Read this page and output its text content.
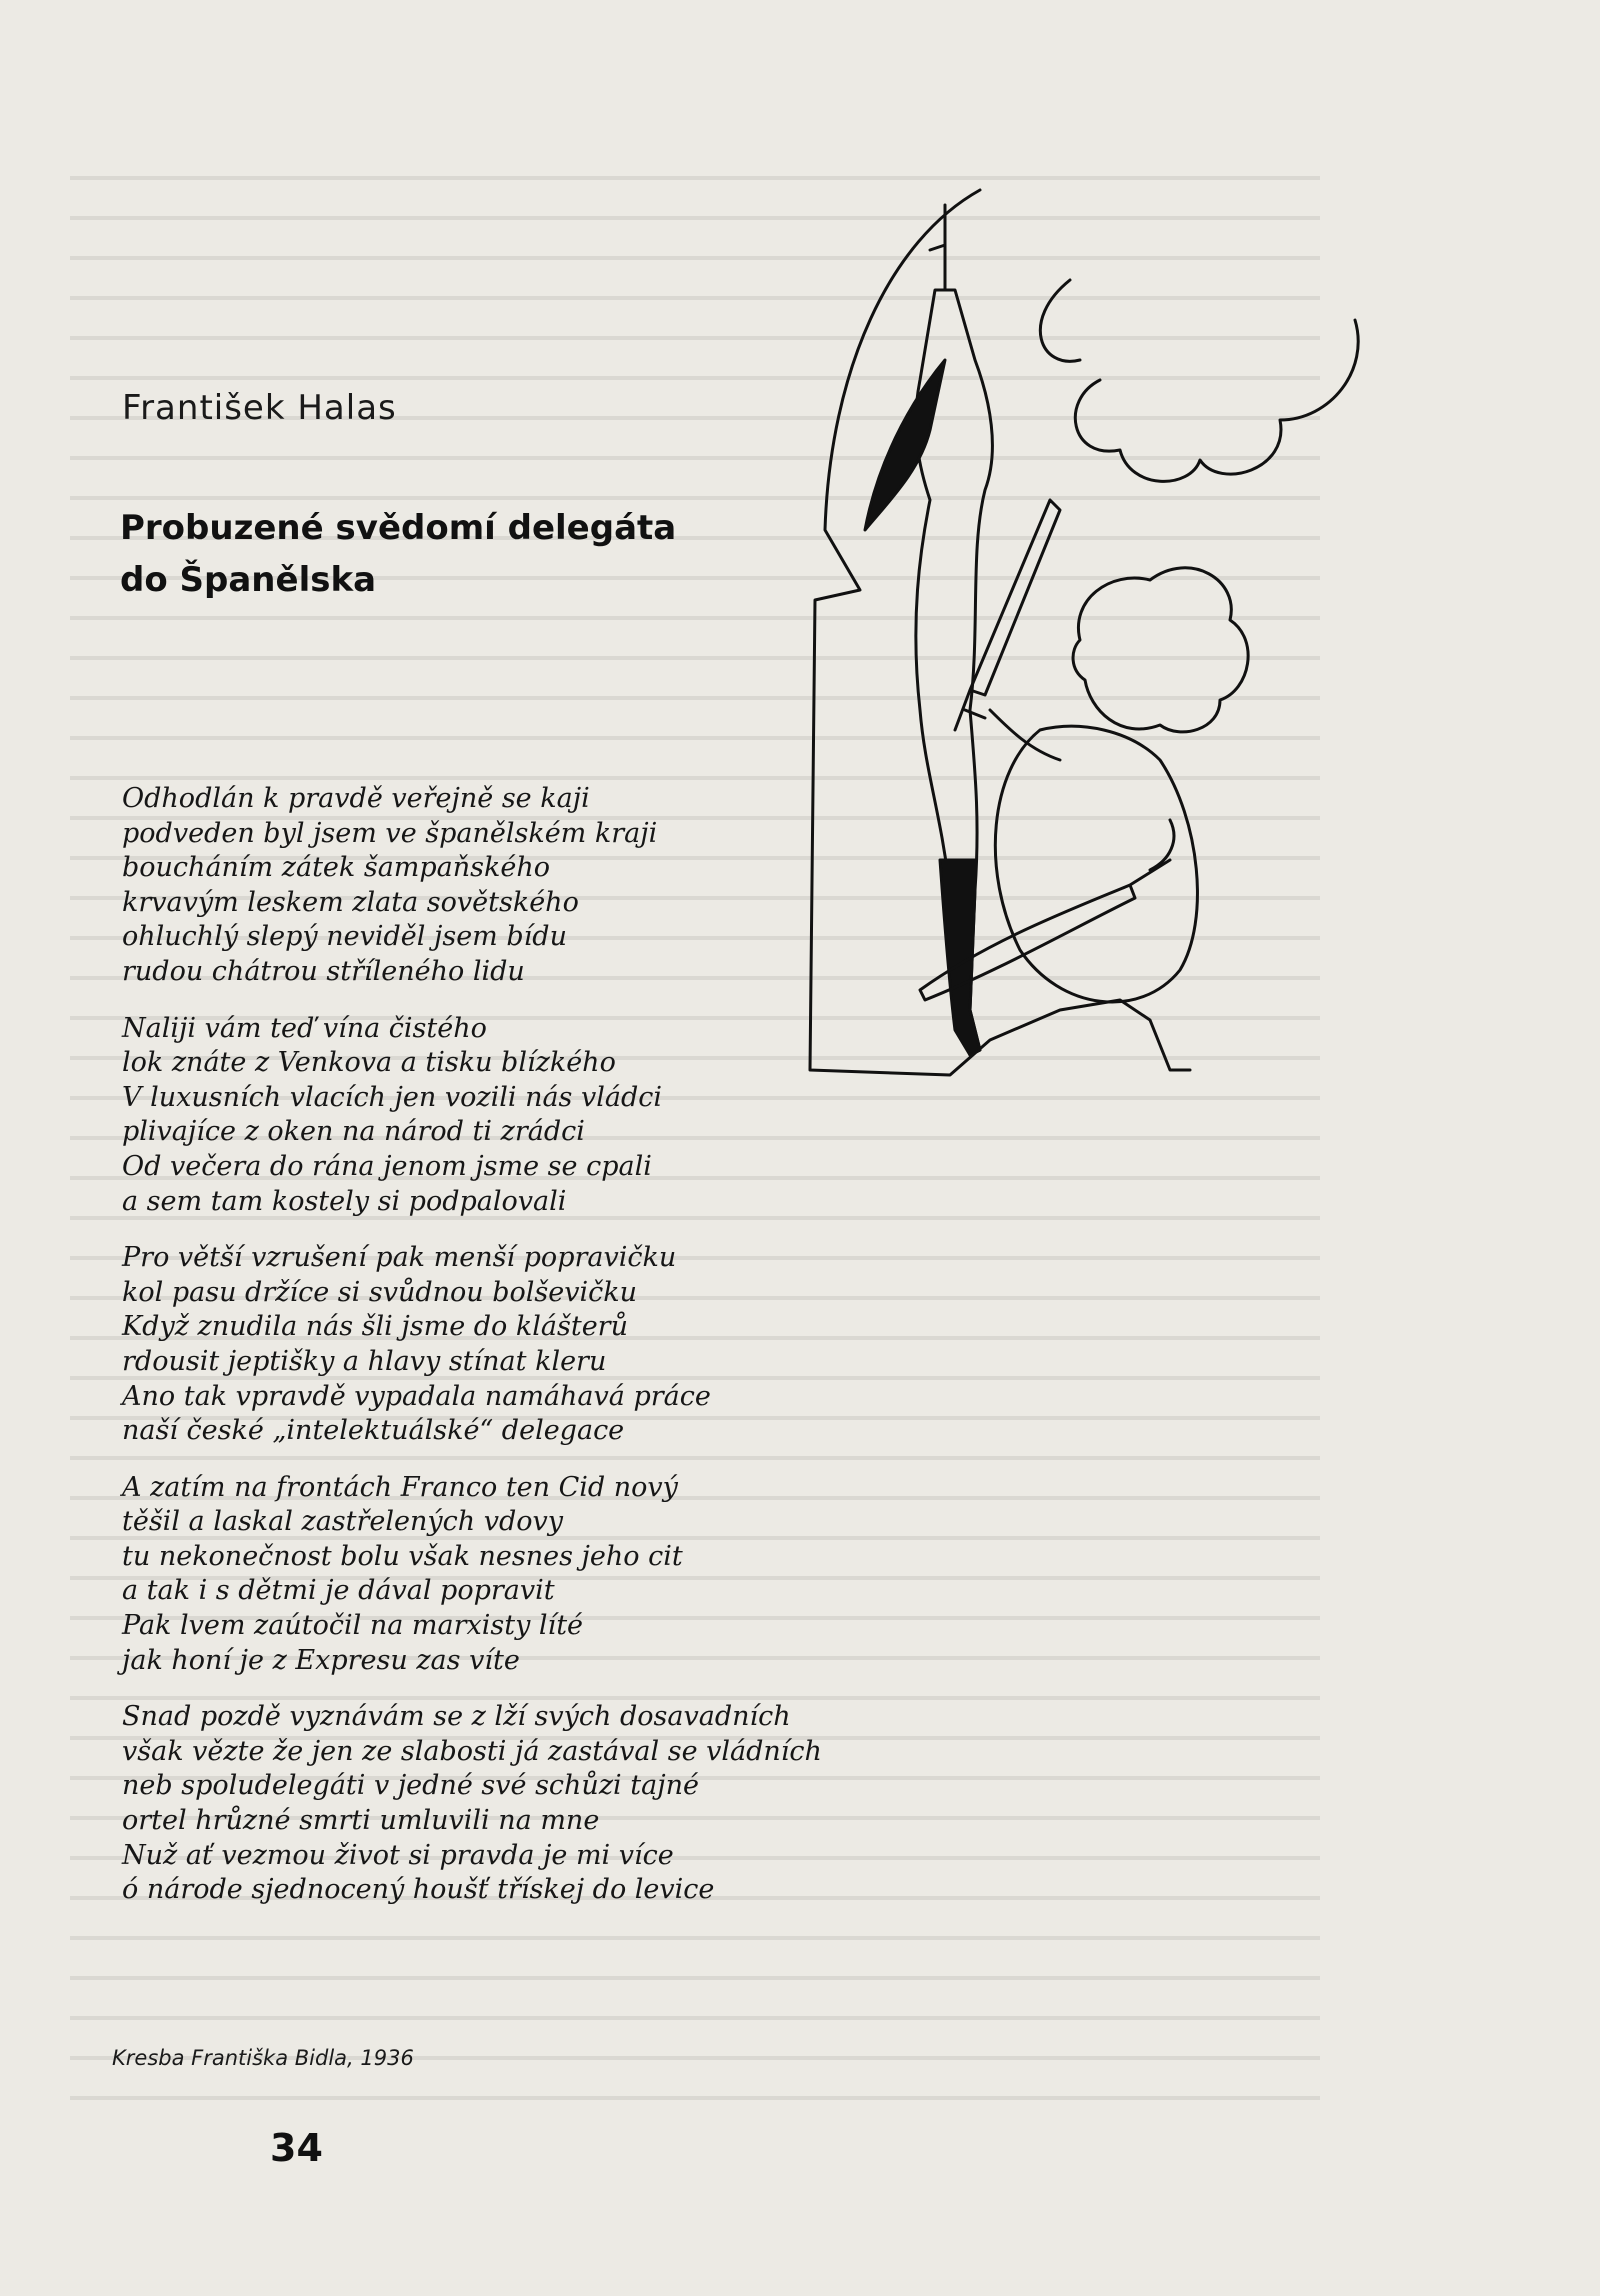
František Halas
Probuzené svědomí delegáta
do Španělska
Odhodlán k pravdě veřejně se kaji
podveden byl jsem ve španělském kraji
boucháním zátek šampaňského
krvavým leskem zlata sovětského
ohluchlý slepý neviděl jsem bídu
rudou chátrou stříleného lidu
Naliji vám teď vína čistého
lok znáte z Venkova a tisku blízkého
V luxusních vlacích jen vozili nás vládci
plivajíce z oken na národ ti zrádci
Od večera do rána jenom jsme se cpali
a sem tam kostely si podpalovali
Pro větší vzrušení pak menší popravičku
kol pasu držíce si svůdnou bolševičku
Když znudila nás šli jsme do klášterů
rdousit jeptišky a hlavy stínat kleru
Ano tak vpravdě vypadala namáhavá práce
naší české „intelektuálské“ delegace
A zatím na frontách Franco ten Cid nový
těšil a laskal zastřelených vdovy
tu nekonečnost bolu však nesnes jeho cit
a tak i s dětmi je dával popravit
Pak lvem zaútočil na marxisty líté
jak honí je z Expresu zas víte
Snad pozdě vyznávám se z lží svých dosavadních
však vězte že jen ze slabosti já zastával se vládních
neb spoludelegáti v jedné své schůzi tajné
ortel hrůzné smrti umluvili na mne
Nuž ať vezmou život si pravda je mi více
ó národe sjednocený houšť třískej do levice
Kresba Františka Bidla, 1936
34
